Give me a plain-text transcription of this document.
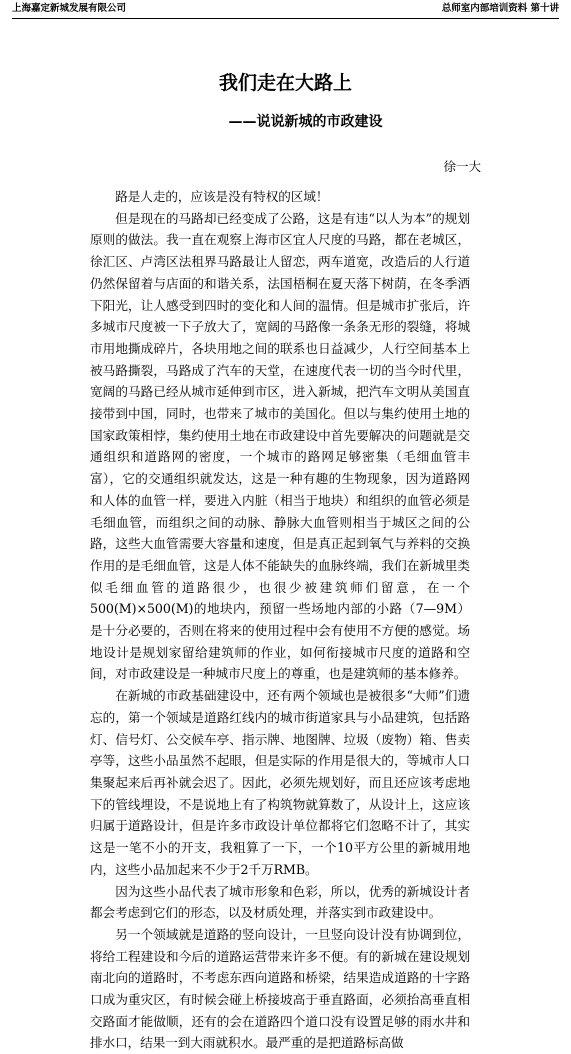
上海嘉定新城发展有限公司	总师室内部培训资料 第十讲
我们走在大路上
——说说新城的市政建设
徐一大

路是人走的，应该是没有特权的区域！

但是现在的马路却已经变成了公路，这是有违“以人为本”的规划原则的做法。我一直在观察上海市区宜人尺度的马路，都在老城区，徐汇区、卢湾区法租界马路最让人留恋，两车道宽，改造后的人行道仍然保留着与店面的和谐关系，法国梧桐在夏天落下树荫，在冬季洒下阳光，让人感受到四时的变化和人间的温情。但是城市扩张后，许多城市尺度被一下子放大了，宽阔的马路像一条条无形的裂缝，将城市用地撕成碎片，各块用地之间的联系也日益减少，人行空间基本上被马路撕裂，马路成了汽车的天堂，在速度代表一切的当今时代里，宽阔的马路已经从城市延伸到市区，进入新城，把汽车文明从美国直接带到中国，同时，也带来了城市的美国化。但以与集约使用土地的国家政策相悖，集约使用土地在市政建设中首先要解决的问题就是交通组织和道路网的密度，一个城市的路网足够密集（毛细血管丰富），它的交通组织就发达，这是一种有趣的生物现象，因为道路网和人体的血管一样，要进入内脏（相当于地块）和组织的血管必须是毛细血管，而组织之间的动脉、静脉大血管则相当于城区之间的公路，这些大血管需要大容量和速度，但是真正起到氧气与养料的交换作用的是毛细血管，这是人体不能缺失的血脉终端，我们在新城里类似毛细血管的道路很少，也很少被建筑师们留意，在一个500(M)×500(M)的地块内，预留一些场地内部的小路（7—9M）是十分必要的，否则在将来的使用过程中会有使用不方便的感觉。场地设计是规划家留给建筑师的作业，如何衔接城市尺度的道路和空间，对市政建设是一种城市尺度上的尊重，也是建筑师的基本修养。

在新城的市政基础建设中，还有两个领域也是被很多“大师”们遗忘的，第一个领域是道路红线内的城市街道家具与小品建筑，包括路灯、信号灯、公交候车亭、指示牌、地图牌、垃圾（废物）箱、售卖亭等，这些小品虽然不起眼，但是实际的作用是很大的，等城市人口集聚起来后再补就会迟了。因此，必须先规划好，而且还应该考虑地下的管线埋设，不是说地上有了构筑物就算数了，从设计上，这应该归属于道路设计，但是许多市政设计单位都将它们忽略不计了，其实这是一笔不小的开支，我粗算了一下，一个10平方公里的新城用地内，这些小品加起来不少于2千万RMB。

因为这些小品代表了城市形象和色彩，所以，优秀的新城设计者都会考虑到它们的形态，以及材质处理，并落实到市政建设中。

另一个领域就是道路的竖向设计，一旦竖向设计没有协调到位，将给工程建设和今后的道路运营带来许多不便。有的新城在建设规划南北向的道路时，不考虑东西向道路和桥梁，结果造成道路的十字路口成为重灾区，有时候会碰上桥接坡高于垂直路面，必须抬高垂直相交路面才能做顺，还有的会在道路四个道口没有设置足够的雨水井和排水口，结果一到大雨就积水。最严重的是把道路标高做
